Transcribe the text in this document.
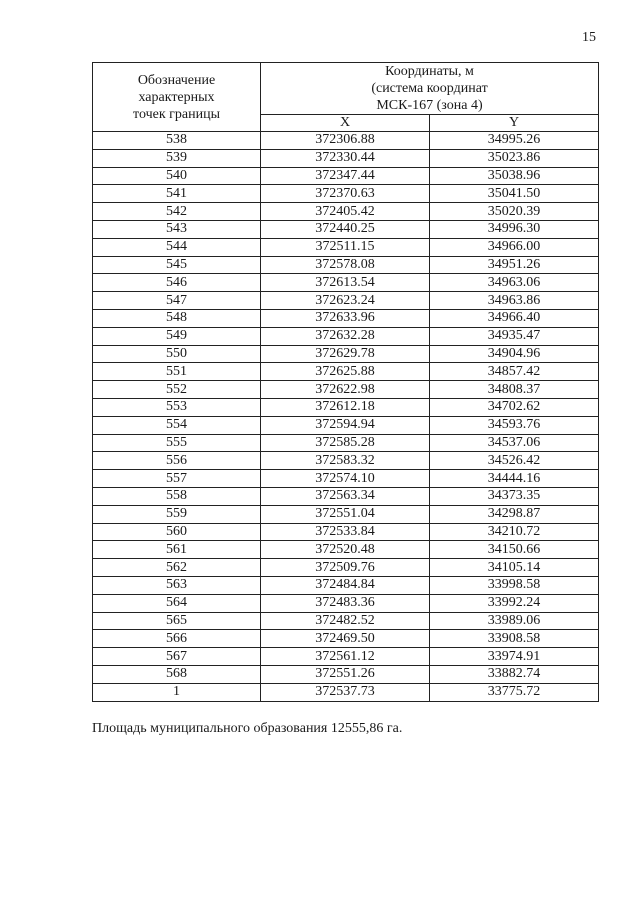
15
Обозначение
характерных
точек границы	Координаты, м
(система координат
МСК-167 (зона 4)	
	X	Y
538	372306.88	34995.26
539	372330.44	35023.86
540	372347.44	35038.96
541	372370.63	35041.50
542	372405.42	35020.39
543	372440.25	34996.30
544	372511.15	34966.00
545	372578.08	34951.26
546	372613.54	34963.06
547	372623.24	34963.86
548	372633.96	34966.40
549	372632.28	34935.47
550	372629.78	34904.96
551	372625.88	34857.42
552	372622.98	34808.37
553	372612.18	34702.62
554	372594.94	34593.76
555	372585.28	34537.06
556	372583.32	34526.42
557	372574.10	34444.16
558	372563.34	34373.35
559	372551.04	34298.87
560	372533.84	34210.72
561	372520.48	34150.66
562	372509.76	34105.14
563	372484.84	33998.58
564	372483.36	33992.24
565	372482.52	33989.06
566	372469.50	33908.58
567	372561.12	33974.91
568	372551.26	33882.74
1	372537.73	33775.72
Площадь муниципального образования 12555,86 га.
